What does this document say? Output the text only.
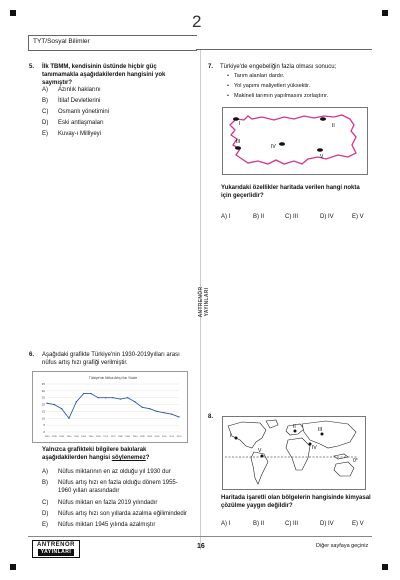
2
TYT/Sosyal Bilimler
ANTRENÖR YAYINLARI
5. İlk TBMM, kendisinin üstünde hiçbir güç tanımamakla aşağıdakilerden hangisini yok saymıştır?
A)	Azınlık haklarını
B)	İtilaf Devletlerini
C)	Osmanlı yönetimini
D)	Eski antlaşmaları
E)	Kuvay-ı Milliyeyi
7. Türkiye'de engebeliğin fazla olması sonucu;
• Tarım alanları dardır.
• Yol yapımı maliyetleri yüksektir.
• Makineli tarımın yapılmasını zorlaştırır.
I	II
III
IV
V
Yukarıdaki özellikler haritada verilen hangi nokta için geçerlidir?
A) I	B) II	C) III	D) IV	E) V
6. Aşağıdaki grafikte Türkiye'nin 1930-2019yılları arası nüfus artış hızı grafiği verilmiştir.
Türkiye'nin Nüfus Artış Hızı Yüzde
0
5
10
15
20
25
30
35
1930	1935	1940	1945	1950	1955	1960	1965	1970	1975	1980	1985	1990	1995	2000	2005	2010	2015	2019
Yalnızca grafikteki bilgilere bakılarak aşağıdakilerden hangisi söylenemez?
A)	Nüfus miktarının en az olduğu yıl 1930 dur
B)	Nüfus artış hızı en fazla olduğu dönem 1955-1960 yılları arasındadır
C)	Nüfus miktarı en fazla 2019 yılındadır
D)	Nüfus artış hızı son yıllarda azalma eğilimindedir
E)	Nüfus miktarı 1945 yılında azalmıştır
8.
0°
I
II	III
IV
V
Haritada işaretli olan bölgelerin hangisinde kimyasal çözülme yaygın değildir?
A) I	B) II	C) III	D) IV	E) V
ANTRENÖR
YAYINLARI
16	Diğer sayfaya geçiniz
